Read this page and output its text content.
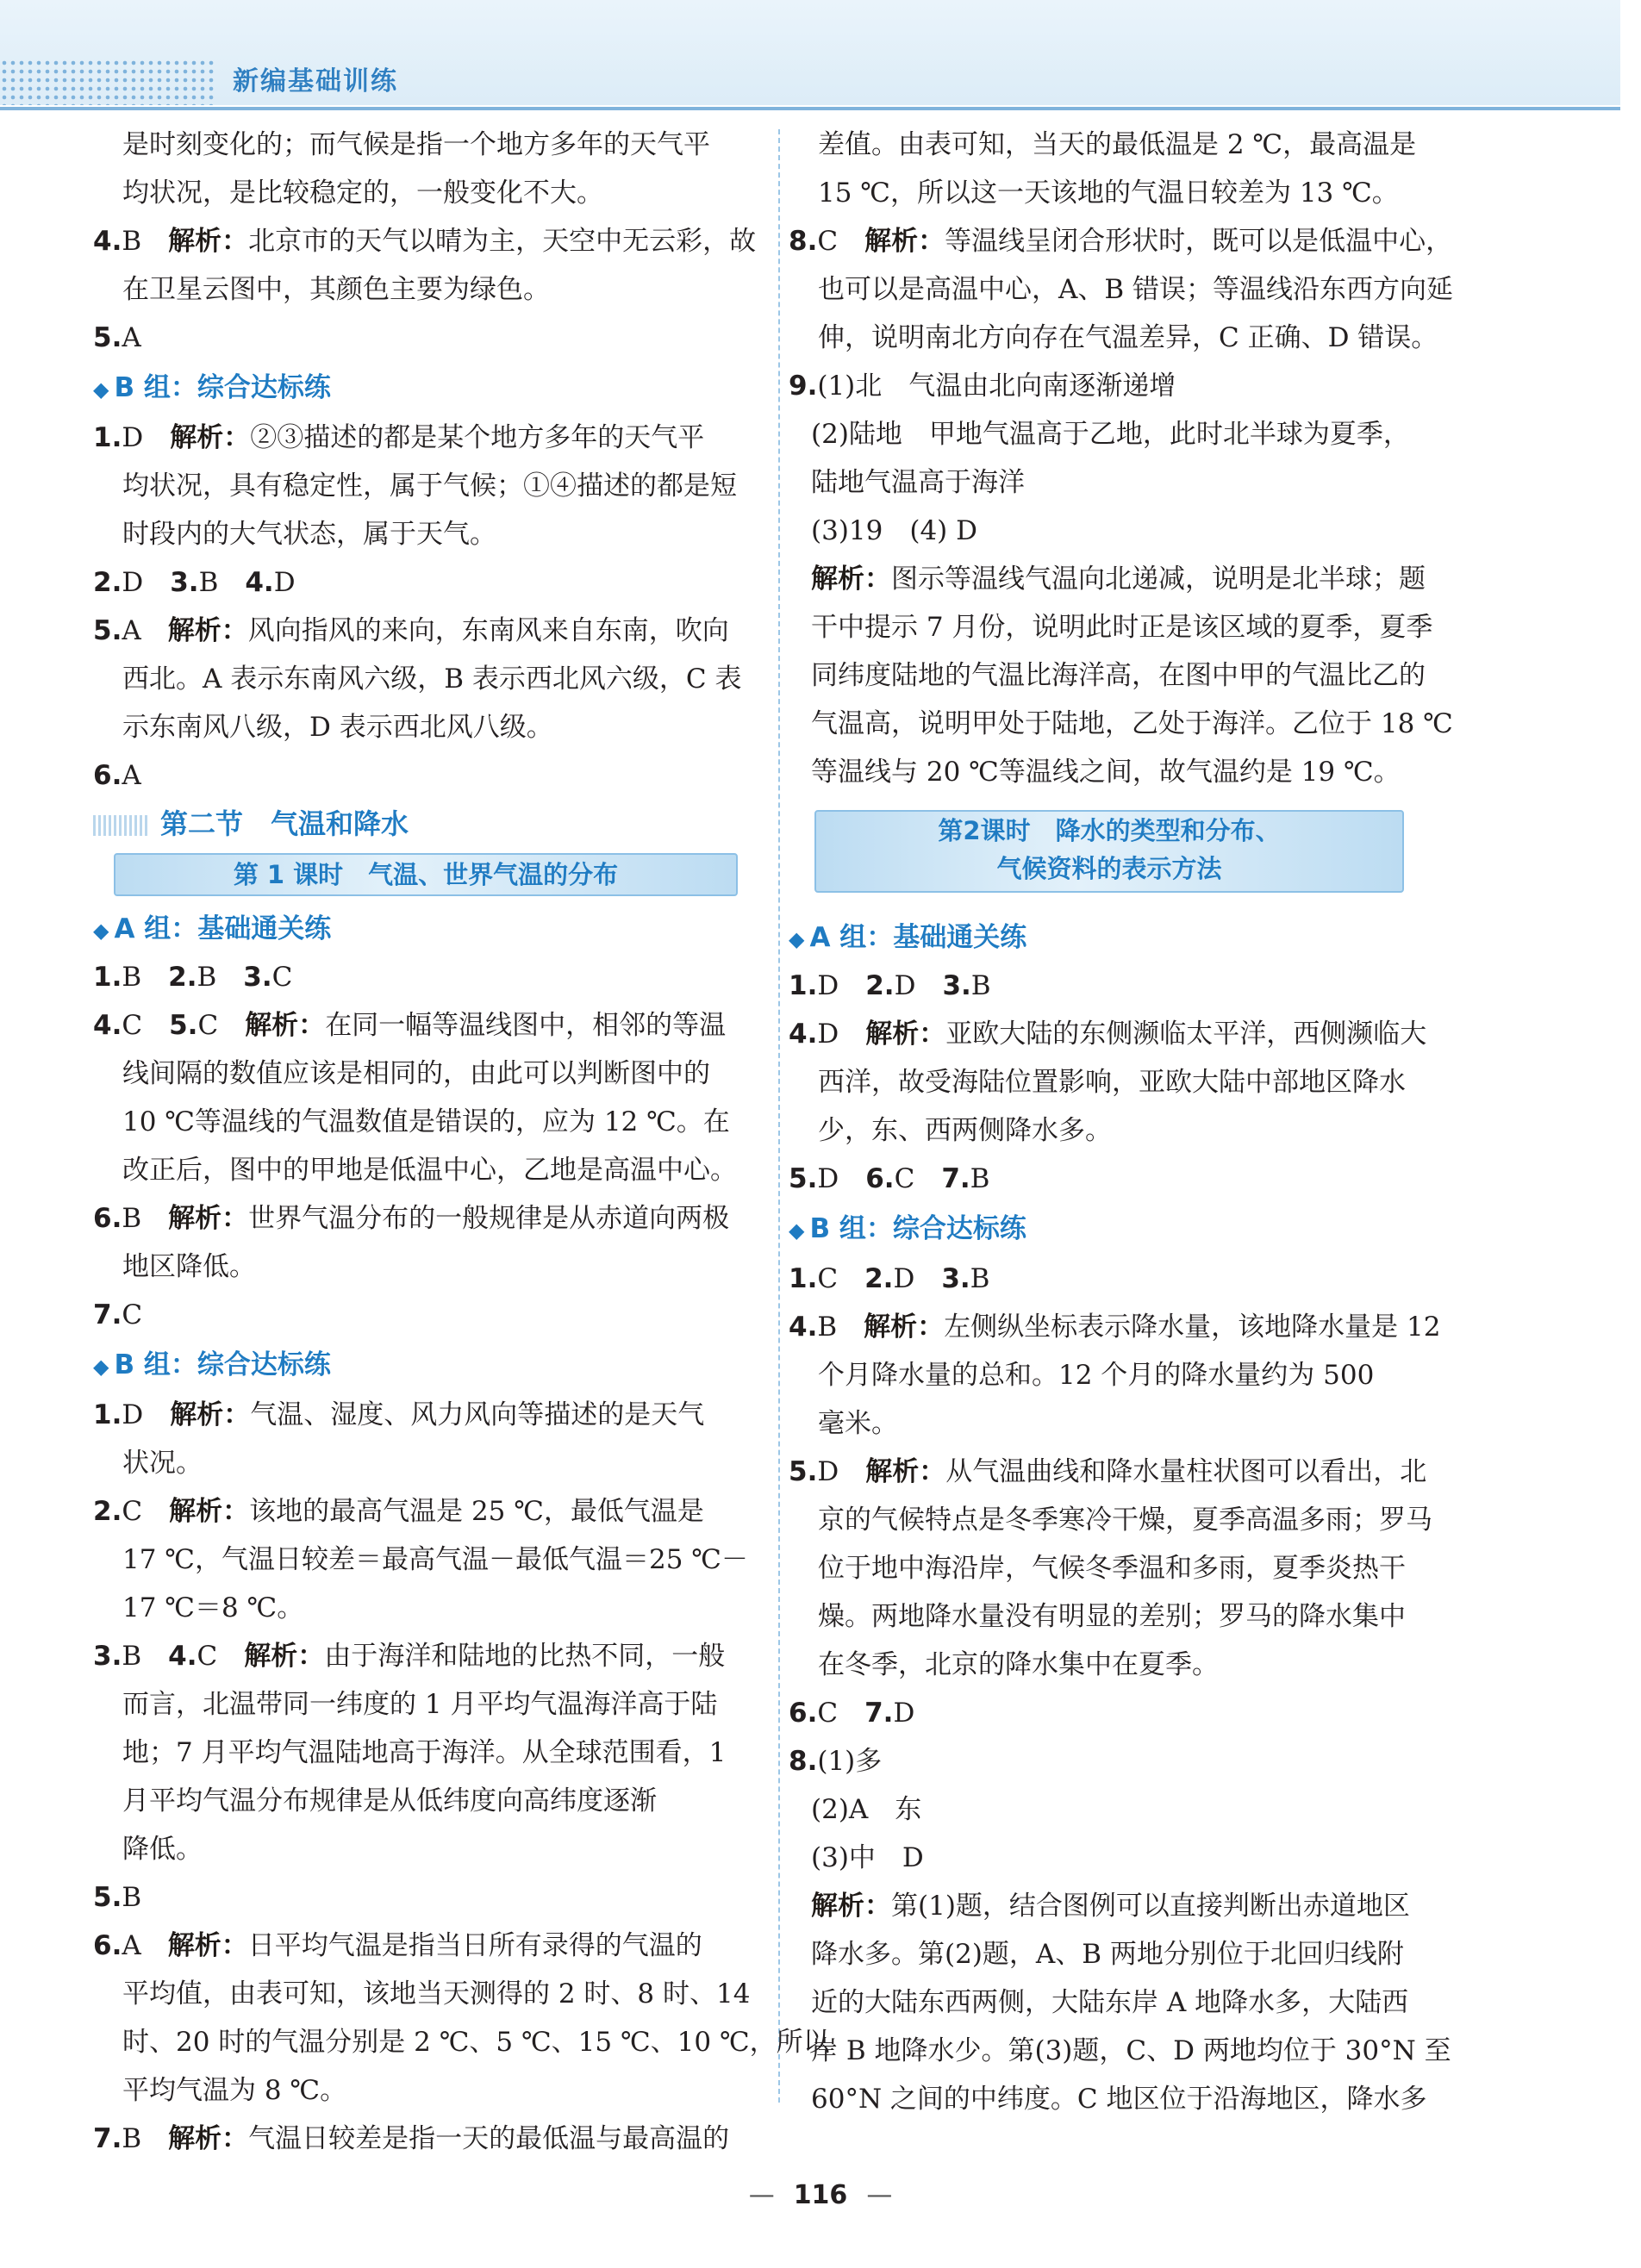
新编基础训练
是时刻变化的；而气候是指一个地方多年的天气平
均状况，是比较稳定的，一般变化不大。
4.B　 解析：北京市的天气以晴为主，天空中无云彩，故
在卫星云图中，其颜色主要为绿色。
5.A
◆ B 组：综合达标练
1.D　 解析：②③描述的都是某个地方多年的天气平
均状况，具有稳定性，属于气候；①④描述的都是短
时段内的大气状态，属于天气。
2.D　 3.B　 4.D
5.A　 解析：风向指风的来向，东南风来自东南，吹向
西北。A 表示东南风六级，B 表示西北风六级，C 表
示东南风八级，D 表示西北风八级。
6.A
第二节　气温和降水
第 1 课时　气温、世界气温的分布
◆ A 组：基础通关练
1.B　 2.B　 3.C
4.C　 5.C　 解析：在同一幅等温线图中，相邻的等温
线间隔的数值应该是相同的，由此可以判断图中的
10 ℃等温线的气温数值是错误的，应为 12 ℃。在
改正后，图中的甲地是低温中心，乙地是高温中心。
6.B　 解析：世界气温分布的一般规律是从赤道向两极
地区降低。
7.C
◆ B 组：综合达标练
1.D　 解析：气温、湿度、风力风向等描述的是天气
状况。
2.C　 解析：该地的最高气温是 25 ℃，最低气温是
17 ℃，气温日较差＝最高气温－最低气温＝25 ℃－
17 ℃＝8 ℃。
3.B　 4.C　 解析：由于海洋和陆地的比热不同，一般
而言，北温带同一纬度的 1 月平均气温海洋高于陆
地；7 月平均气温陆地高于海洋。从全球范围看，1
月平均气温分布规律是从低纬度向高纬度逐渐
降低。
5.B
6.A　 解析：日平均气温是指当日所有录得的气温的
平均值，由表可知，该地当天测得的 2 时、8 时、14
时、20 时的气温分别是 2 ℃、5 ℃、15 ℃、10 ℃，所以
平均气温为 8 ℃。
7.B　 解析：气温日较差是指一天的最低温与最高温的
差值。由表可知，当天的最低温是 2 ℃，最高温是
15 ℃，所以这一天该地的气温日较差为 13 ℃。
8.C　 解析：等温线呈闭合形状时，既可以是低温中心，
也可以是高温中心，A、B 错误；等温线沿东西方向延
伸，说明南北方向存在气温差异，C 正确、D 错误。
9.(1)北　气温由北向南逐渐递增
(2)陆地　甲地气温高于乙地，此时北半球为夏季，
陆地气温高于海洋
(3)19　(4) D
解析：图示等温线气温向北递减，说明是北半球；题
干中提示 7 月份，说明此时正是该区域的夏季，夏季
同纬度陆地的气温比海洋高，在图中甲的气温比乙的
气温高，说明甲处于陆地，乙处于海洋。乙位于 18 ℃
等温线与 20 ℃等温线之间，故气温约是 19 ℃。
第2课时　降水的类型和分布、
气候资料的表示方法
◆ A 组：基础通关练
1.D　 2.D　 3.B
4.D　 解析：亚欧大陆的东侧濒临太平洋，西侧濒临大
西洋，故受海陆位置影响，亚欧大陆中部地区降水
少，东、西两侧降水多。
5.D　 6.C　 7.B
◆ B 组：综合达标练
1.C　 2.D　 3.B
4.B　 解析：左侧纵坐标表示降水量，该地降水量是 12
个月降水量的总和。12 个月的降水量约为 500
毫米。
5.D　 解析：从气温曲线和降水量柱状图可以看出，北
京的气候特点是冬季寒冷干燥，夏季高温多雨；罗马
位于地中海沿岸，气候冬季温和多雨，夏季炎热干
燥。两地降水量没有明显的差别；罗马的降水集中
在冬季，北京的降水集中在夏季。
6.C　 7.D
8.(1)多
(2)A　东
(3)中　D
解析：第(1)题，结合图例可以直接判断出赤道地区
降水多。第(2)题，A、B 两地分别位于北回归线附
近的大陆东西两侧，大陆东岸 A 地降水多，大陆西
岸 B 地降水少。第(3)题，C、D 两地均位于 30°N 至
60°N 之间的中纬度。C 地区位于沿海地区，降水多
— 116 —
